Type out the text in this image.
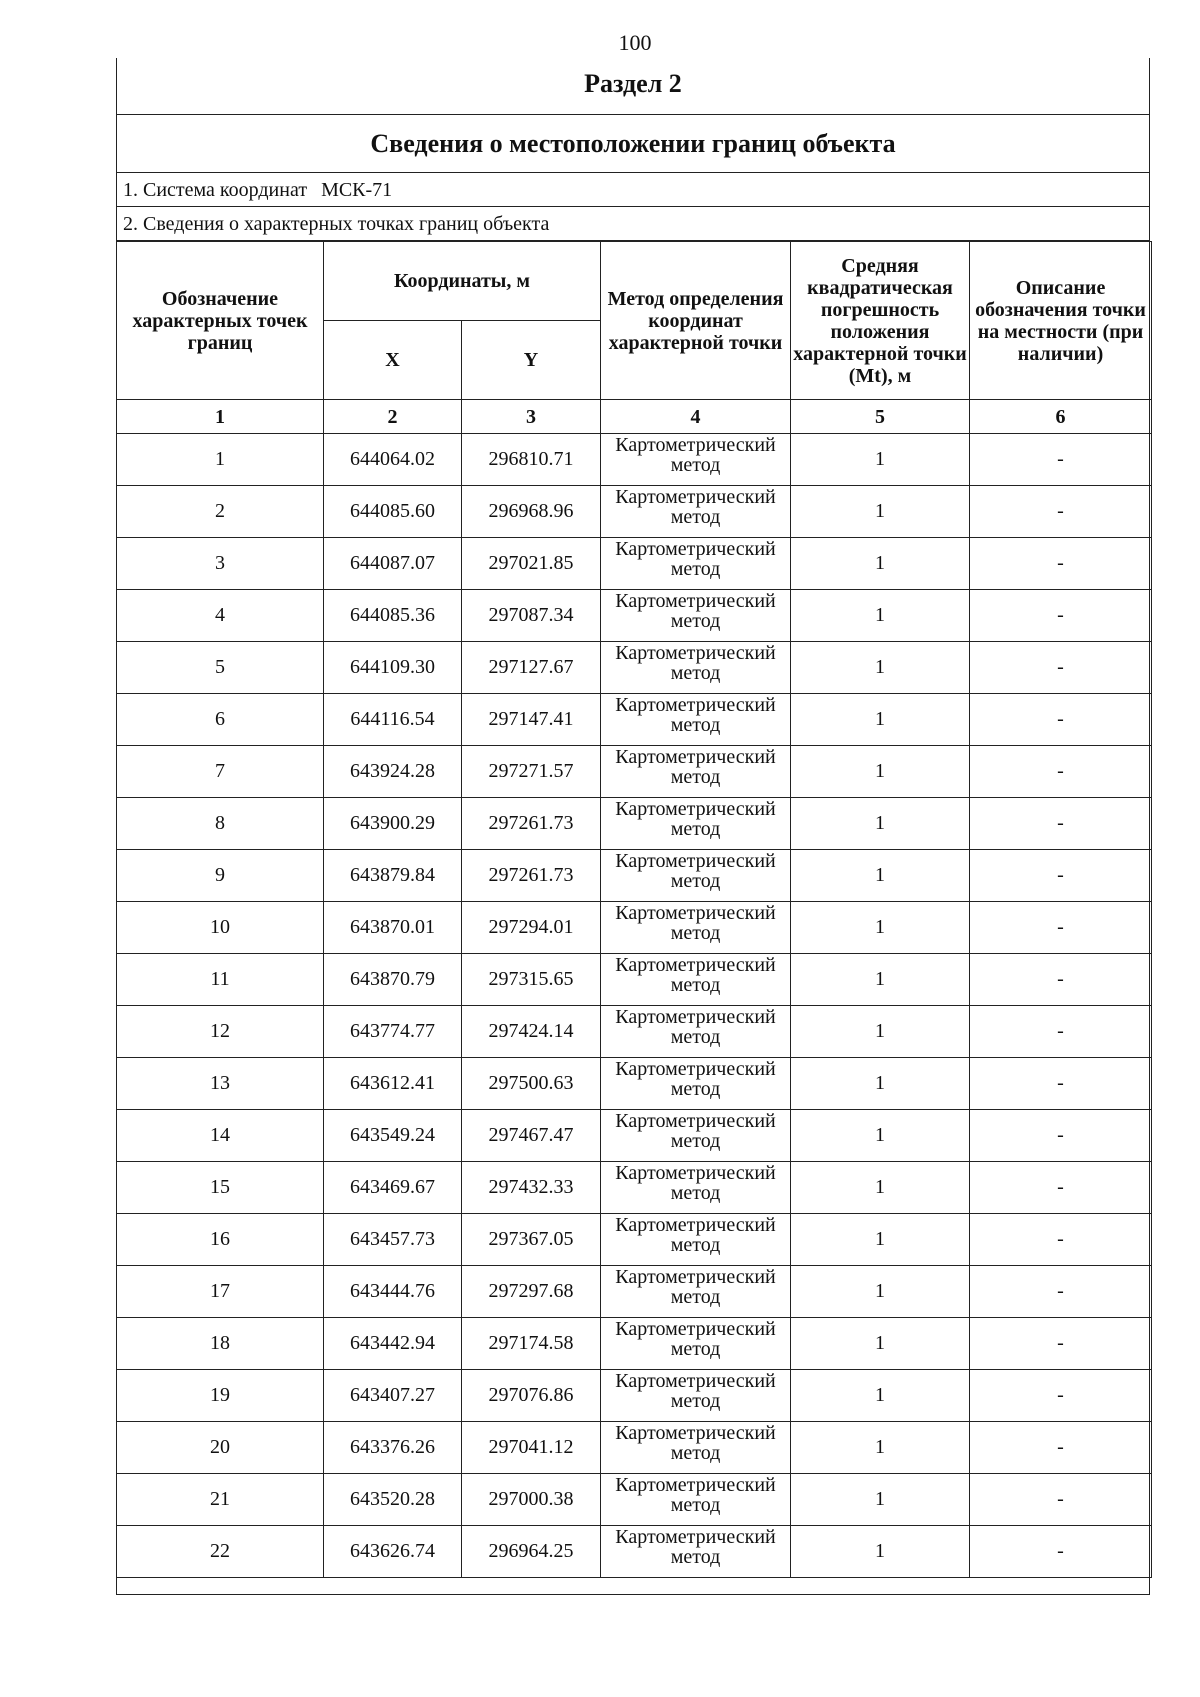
100
Раздел 2
Сведения о местоположении границ объекта
1. Система координат МСК-71
2. Сведения о характерных точках границ объекта
Обозначение характерных точек границ	Координаты, м		Метод определения координат характерной точки	Средняя квадратическая погрешность положения характерной точки (Mt), м	Описание обозначения точки на местности (при наличии)
	X	Y			
1	2	3	4	5	6
1	644064.02	296810.71	Картометрический метод	1	-
2	644085.60	296968.96	Картометрический метод	1	-
3	644087.07	297021.85	Картометрический метод	1	-
4	644085.36	297087.34	Картометрический метод	1	-
5	644109.30	297127.67	Картометрический метод	1	-
6	644116.54	297147.41	Картометрический метод	1	-
7	643924.28	297271.57	Картометрический метод	1	-
8	643900.29	297261.73	Картометрический метод	1	-
9	643879.84	297261.73	Картометрический метод	1	-
10	643870.01	297294.01	Картометрический метод	1	-
11	643870.79	297315.65	Картометрический метод	1	-
12	643774.77	297424.14	Картометрический метод	1	-
13	643612.41	297500.63	Картометрический метод	1	-
14	643549.24	297467.47	Картометрический метод	1	-
15	643469.67	297432.33	Картометрический метод	1	-
16	643457.73	297367.05	Картометрический метод	1	-
17	643444.76	297297.68	Картометрический метод	1	-
18	643442.94	297174.58	Картометрический метод	1	-
19	643407.27	297076.86	Картометрический метод	1	-
20	643376.26	297041.12	Картометрический метод	1	-
21	643520.28	297000.38	Картометрический метод	1	-
22	643626.74	296964.25	Картометрический метод	1	-
